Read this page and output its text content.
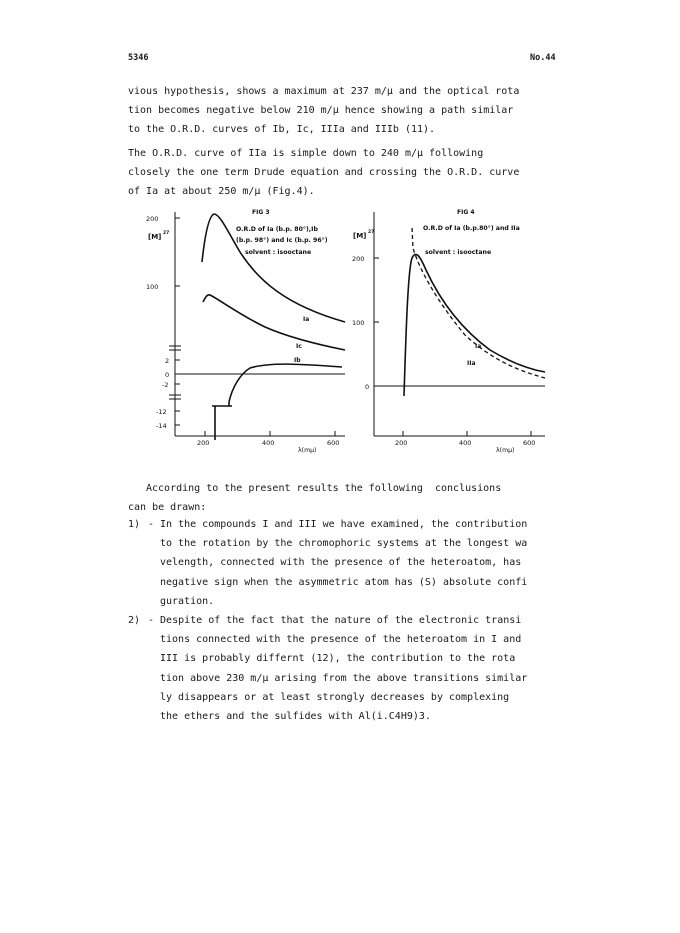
5346	No.44
vious hypothesis, shows a maximum at 237 m/μ and the optical rota
tion becomes negative below 210 m/μ hence showing a path similar
to the O.R.D. curves of Ib, Ic, IIIa and IIIb (11).
The O.R.D. curve of IIa is simple down to 240 m/μ following
closely the one term Drude equation and crossing the O.R.D. curve
of Ia at about 250 m/μ (Fig.4).
FIG 3
O.R.D of Ia (b.p. 80°),Ib
(b.p. 98°) and Ic (b.p. 96°)
solvent : isooctane
[M] 27
200
100
2
0
-2
-12
-14
200	400	600
λ(mμ)
Ia
Ic
Ib
FIG 4
O.R.D of Ia (b.p.80°) and IIa
solvent : isooctane
[M] 27
200
100
0
200	400	600
λ(mμ)
Ia
IIa
According to the present results the following  conclusions
can be drawn:
1) - In the compounds I and III we have examined, the contribution
to the rotation by the chromophoric systems at the longest wa
velength, connected with the presence of the heteroatom, has
negative sign when the asymmetric atom has (S) absolute confi
guration.
2) - Despite of the fact that the nature of the electronic transi
tions connected with the presence of the heteroatom in I and
III is probably differnt (12), the contribution to the rota
tion above 230 m/μ arising from the above transitions similar
ly disappears or at least strongly decreases by complexing
the ethers and the sulfides with Al(i.C4H9)3.
